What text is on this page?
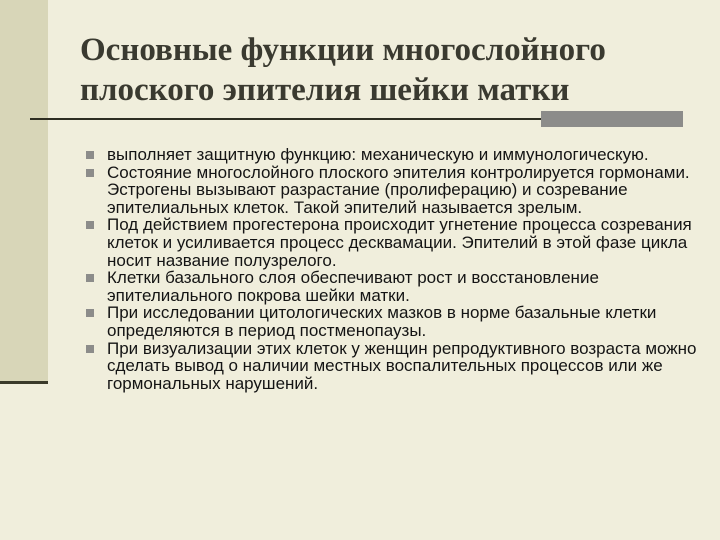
Основные функции многослойного
плоского эпителия шейки матки
выполняет защитную функцию: механическую и иммунологическую.
Состояние многослойного плоского эпителия контролируется гормонами. Эстрогены вызывают разрастание (пролиферацию) и созревание эпителиальных клеток. Такой эпителий называется зрелым.
Под действием прогестерона происходит угнетение процесса созревания клеток и усиливается процесс десквамации. Эпителий в этой фазе цикла носит название полузрелого.
Клетки базального слоя обеспечивают рост и восстановление эпителиального покрова шейки матки.
При исследовании цитологических мазков в норме базальные клетки определяются в период постменопаузы.
При визуализации этих клеток у женщин репродуктивного возраста можно сделать вывод о наличии местных воспалительных процессов или же гормональных нарушений.
